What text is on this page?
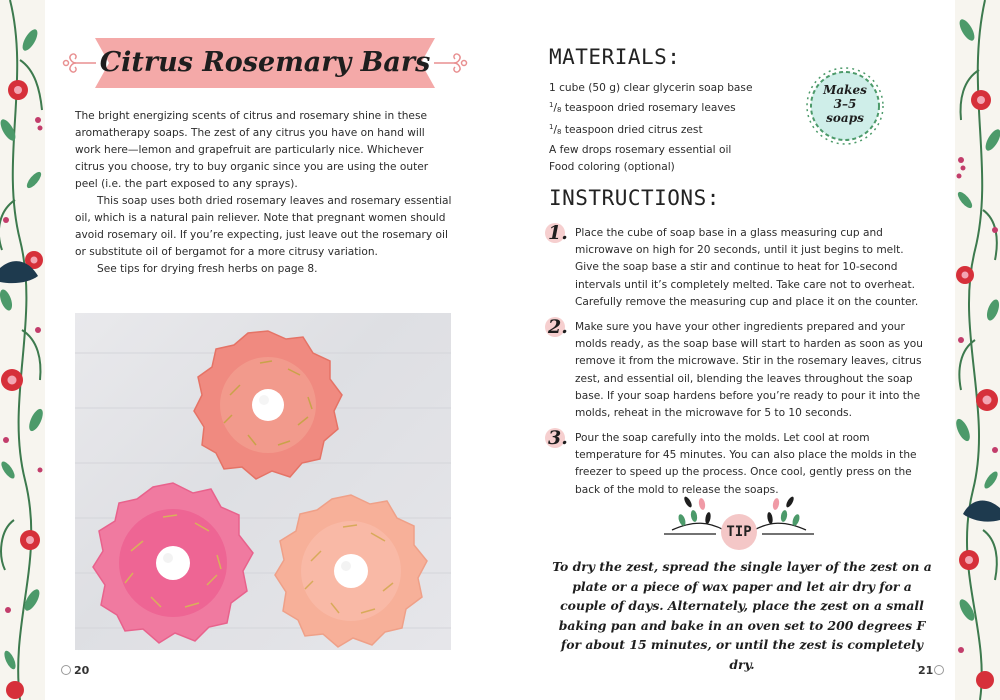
Citrus Rosemary Bars

The bright energizing scents of citrus and rosemary shine in these aromatherapy soaps. The zest of any citrus you have on hand will work here—lemon and grapefruit are particularly nice. Whichever citrus you choose, try to buy organic since you are using the outer peel (i.e. the part exposed to any sprays).

This soap uses both dried rosemary leaves and rosemary essential oil, which is a natural pain reliever. Note that pregnant women should avoid rosemary oil. If you’re expecting, just leave out the rosemary oil or substitute oil of bergamot for a more citrusy variation.

See tips for drying fresh herbs on page 8.

20
MATERIALS:
1 cube (50 g) clear glycerin soap base
$^1/_8$ teaspoon dried rosemary leaves
$^1/_8$ teaspoon dried citrus zest
A few drops rosemary essential oil
Food coloring (optional)
Makes
3–5
soaps
INSTRUCTIONS:
1. Place the cube of soap base in a glass measuring cup and microwave on high for 20 seconds, until it just begins to melt. Give the soap base a stir and continue to heat for 10-second intervals until it’s completely melted. Take care not to overheat. Carefully remove the measuring cup and place it on the counter.
2. Make sure you have your other ingredients prepared and your molds ready, as the soap base will start to harden as soon as you remove it from the microwave. Stir in the rosemary leaves, citrus zest, and essential oil, blending the leaves throughout the soap base. If your soap hardens before you’re ready to pour it into the molds, reheat in the microwave for 5 to 10 seconds.
3. Pour the soap carefully into the molds. Let cool at room temperature for 45 minutes. You can also place the molds in the freezer to speed up the process. Once cool, gently press on the back of the mold to release the soaps.
TIP
To dry the zest, spread the single layer of the zest on a plate or a piece of wax paper and let air dry for a couple of days. Alternately, place the zest on a small baking pan and bake in an oven set to 200 degrees F for about 15 minutes, or until the zest is completely dry.	21
